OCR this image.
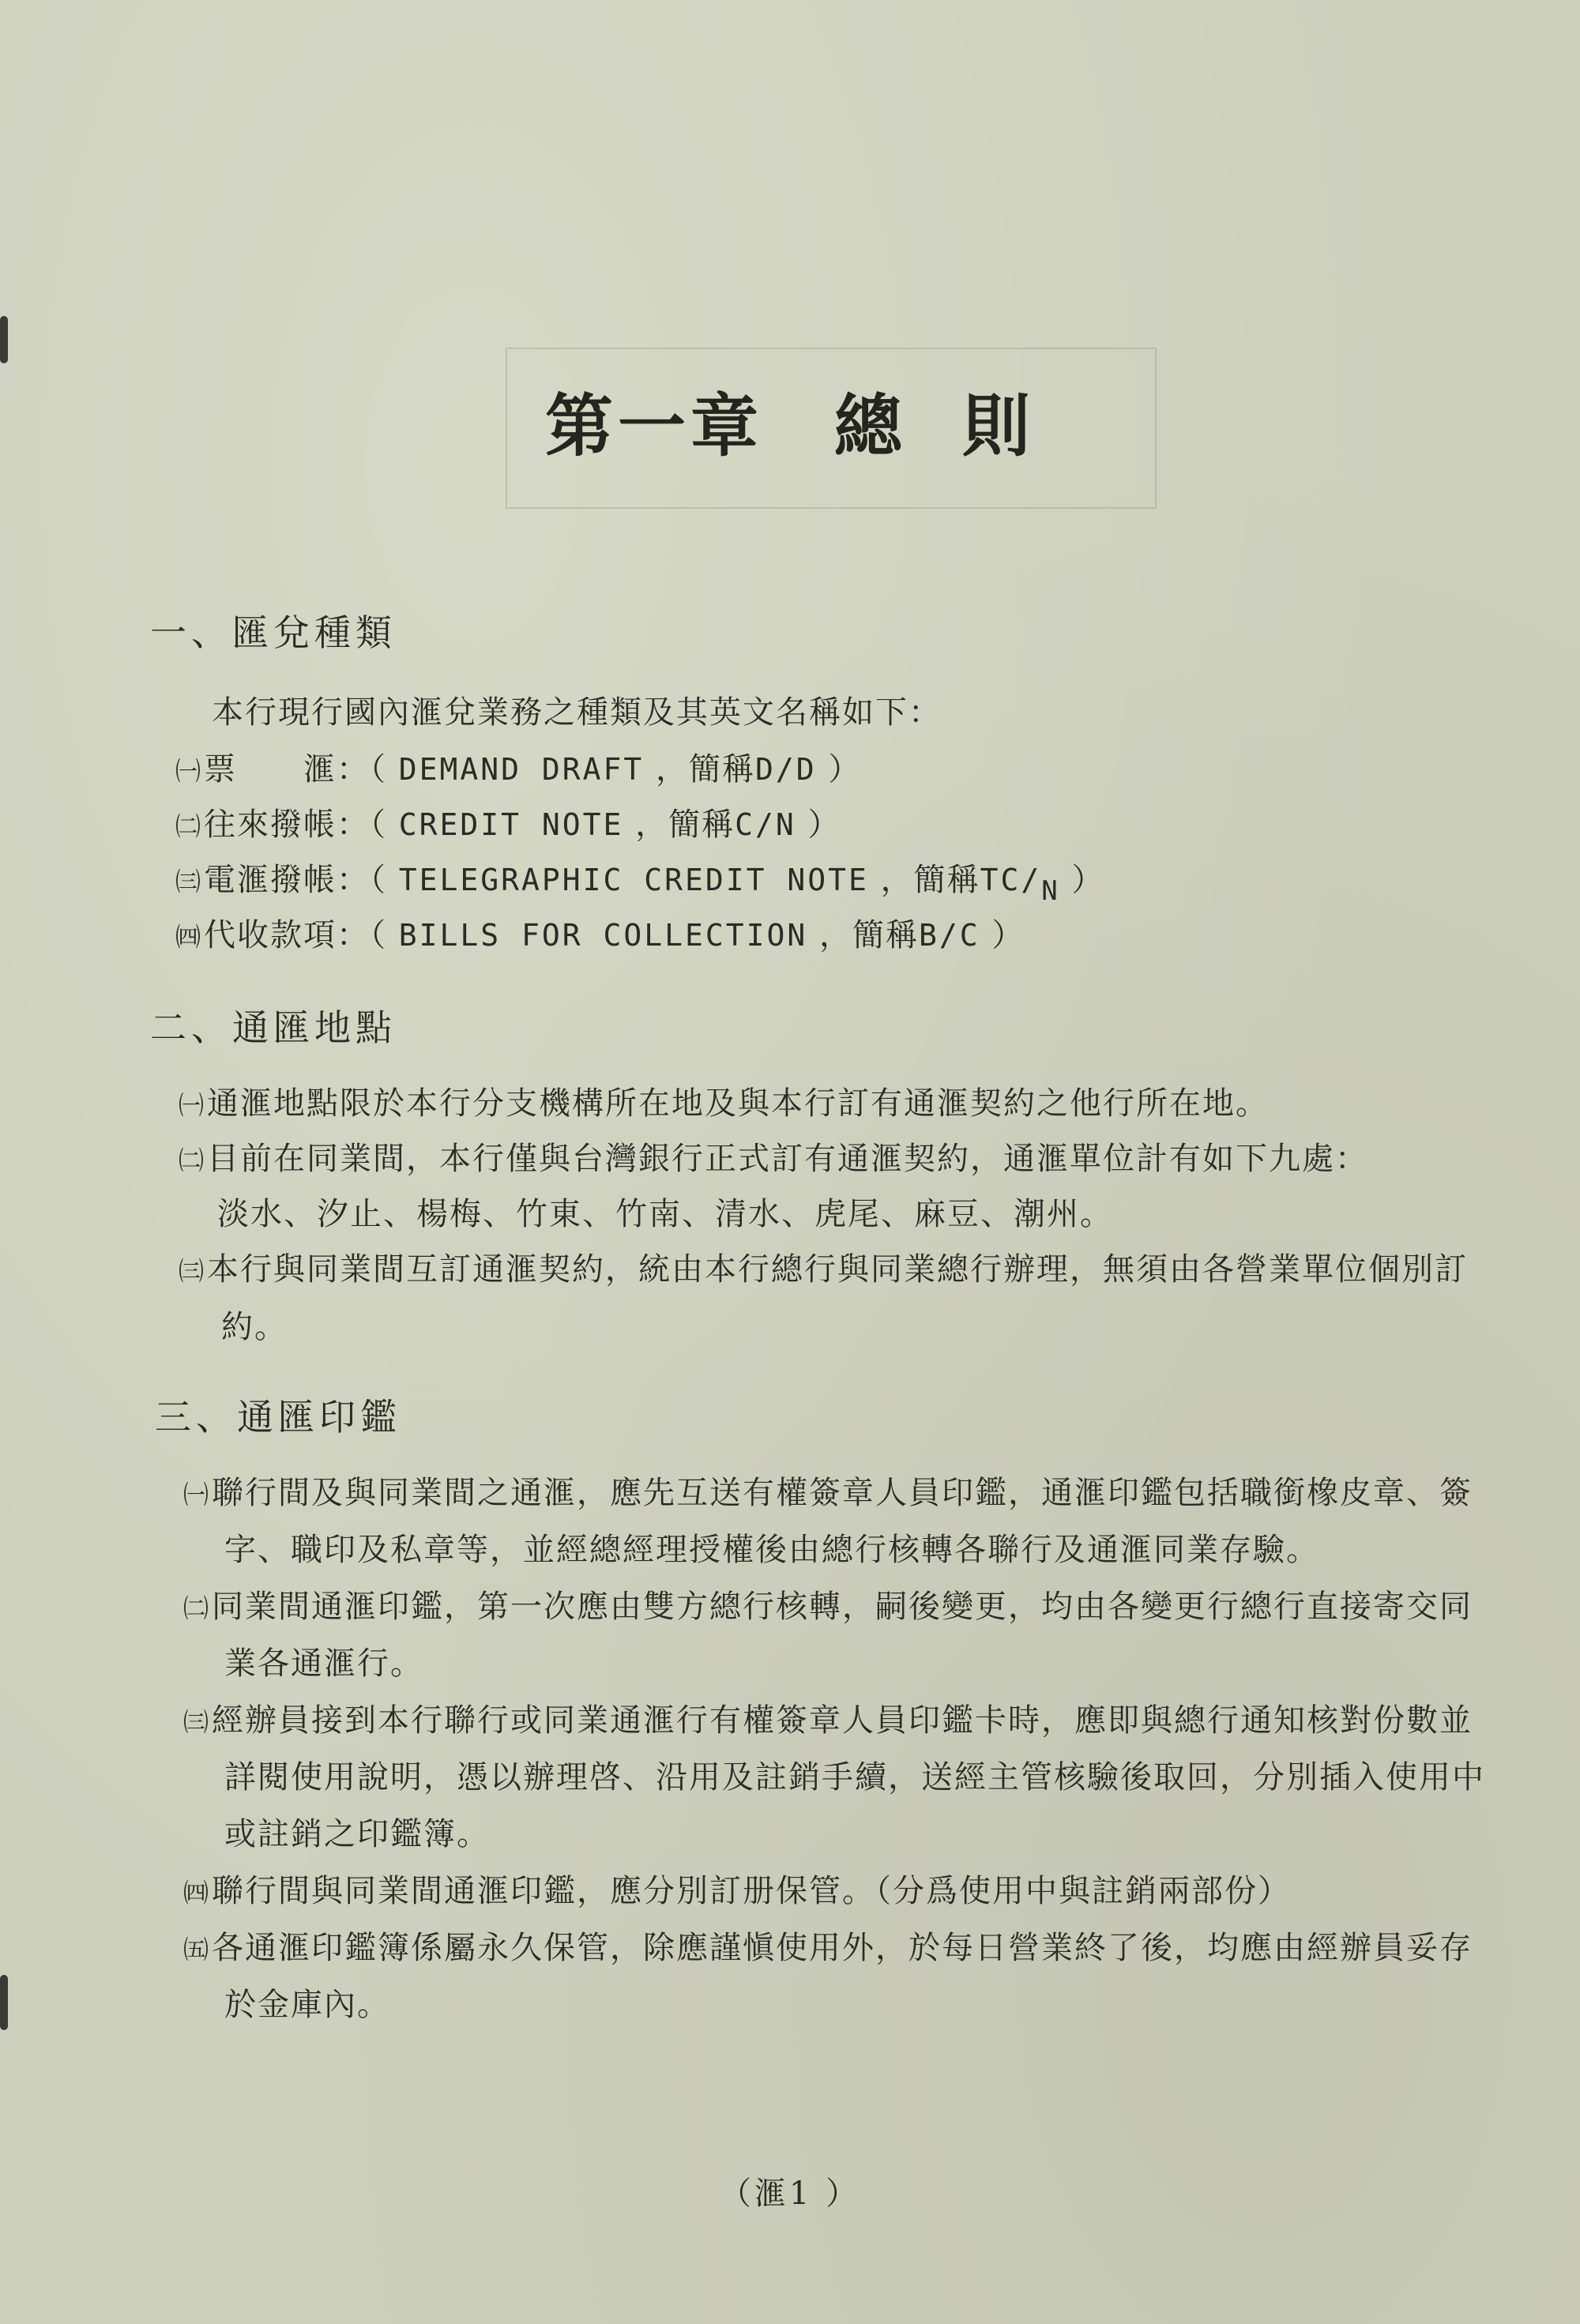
第一章 總 則
一、匯兌種類
本行現行國內滙兌業務之種類及其英文名稱如下：
㈠ 票　　滙：（ DEMAND DRAFT ，簡稱D/D ）
㈡ 往來撥帳：（ CREDIT NOTE ，簡稱C/N ）
㈢ 電滙撥帳：（ TELEGRAPHIC CREDIT NOTE ，簡稱$TC/_N$ ）
㈣ 代收款項：（ BILLS FOR COLLECTION ，簡稱B/C ）
二、通匯地點
㈠ 通滙地點限於本行分支機構所在地及與本行訂有通滙契約之他行所在地。
㈡ 目前在同業間，本行僅與台灣銀行正式訂有通滙契約，通滙單位計有如下九處：
淡水、汐止、楊梅、竹東、竹南、清水、虎尾、麻豆、潮州。
㈢ 本行與同業間互訂通滙契約，統由本行總行與同業總行辦理，無須由各營業單位個別訂
約。
三、通匯印鑑
㈠ 聯行間及與同業間之通滙，應先互送有權簽章人員印鑑，通滙印鑑包括職銜橡皮章、簽
字、職印及私章等，並經總經理授權後由總行核轉各聯行及通滙同業存驗。
㈡ 同業間通滙印鑑，第一次應由雙方總行核轉，嗣後變更，均由各變更行總行直接寄交同
業各通滙行。
㈢ 經辦員接到本行聯行或同業通滙行有權簽章人員印鑑卡時，應即與總行通知核對份數並
詳閱使用說明，憑以辦理啓、沿用及註銷手續，送經主管核驗後取回，分別插入使用中
或註銷之印鑑簿。
㈣ 聯行間與同業間通滙印鑑，應分別訂册保管。（分爲使用中與註銷兩部份）
㈤ 各通滙印鑑簿係屬永久保管，除應謹愼使用外，於每日營業終了後，均應由經辦員妥存
於金庫內。
（滙1 ）
